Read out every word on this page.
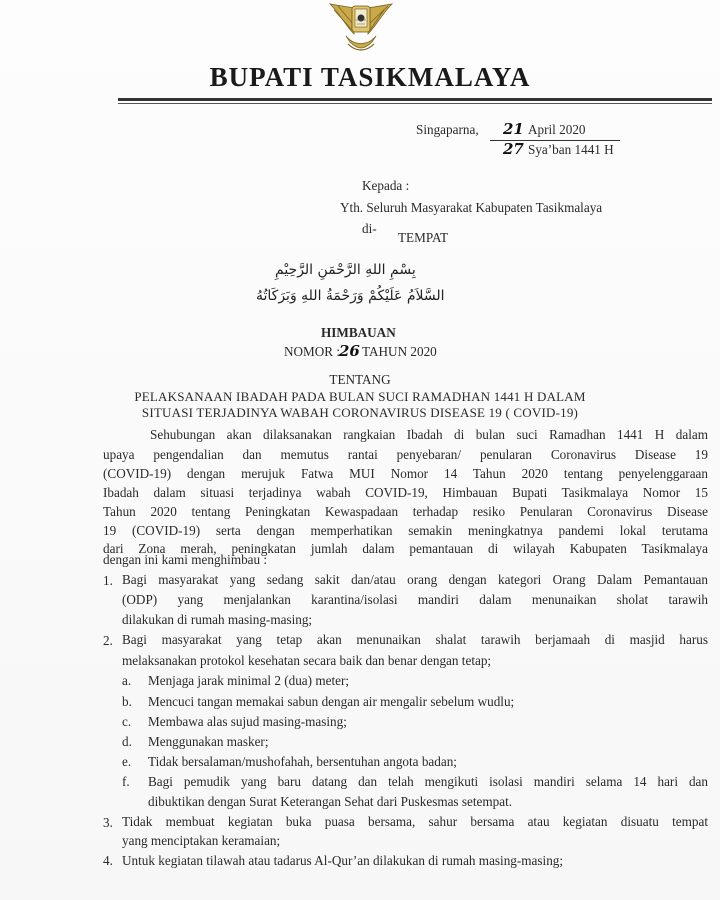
BUPATI TASIKMALAYA
Singaparna, 21 April 2020
27 Sya’ban 1441 H
Kepada :
Yth. Seluruh Masyarakat Kabupaten Tasikmalaya
di-
TEMPAT
بِسْمِ اللهِ الرَّحْمَنِ الرَّحِيْمِ
السَّلاَمُ عَلَيْكُمْ وَرَحْمَةُ اللهِ وَبَرَكَاتُهُ
HIMBAUAN
NOMOR :
26 TAHUN 2020
TENTANG
PELAKSANAAN IBADAH PADA BULAN SUCI RAMADHAN 1441 H DALAM
SITUASI TERJADINYA WABAH CORONAVIRUS DISEASE 19 ( COVID-19)
Sehubungan akan dilaksanakan rangkaian Ibadah di bulan suci Ramadhan 1441 H dalam
upaya pengendalian dan memutus rantai penyebaran/ penularan Coronavirus Disease 19
(COVID-19) dengan merujuk Fatwa MUI Nomor 14 Tahun 2020 tentang penyelenggaraan
Ibadah dalam situasi terjadinya wabah COVID-19, Himbauan Bupati Tasikmalaya Nomor 15
Tahun 2020 tentang Peningkatan Kewaspadaan terhadap resiko Penularan Coronavirus Disease
19 (COVID-19) serta dengan memperhatikan semakin meningkatnya pandemi lokal terutama
dari Zona merah, peningkatan jumlah dalam pemantauan di wilayah Kabupaten Tasikmalaya
dengan ini kami menghimbau :
1. Bagi masyarakat yang sedang sakit dan/atau orang dengan kategori Orang Dalam Pemantauan
(ODP) yang menjalankan karantina/isolasi mandiri dalam menunaikan sholat tarawih
dilakukan di rumah masing-masing;
2. Bagi masyarakat yang tetap akan menunaikan shalat tarawih berjamaah di masjid harus
melaksanakan protokol kesehatan secara baik dan benar dengan tetap;
a. Menjaga jarak minimal 2 (dua) meter;
b. Mencuci tangan memakai sabun dengan air mengalir sebelum wudlu;
c. Membawa alas sujud masing-masing;
d. Menggunakan masker;
e. Tidak bersalaman/mushofahah, bersentuhan angota badan;
f. Bagi pemudik yang baru datang dan telah mengikuti isolasi mandiri selama 14 hari dan
dibuktikan dengan Surat Keterangan Sehat dari Puskesmas setempat.
3. Tidak membuat kegiatan buka puasa bersama, sahur bersama atau kegiatan disuatu tempat
yang menciptakan keramaian;
4. Untuk kegiatan tilawah atau tadarus Al-Qur’an dilakukan di rumah masing-masing;
